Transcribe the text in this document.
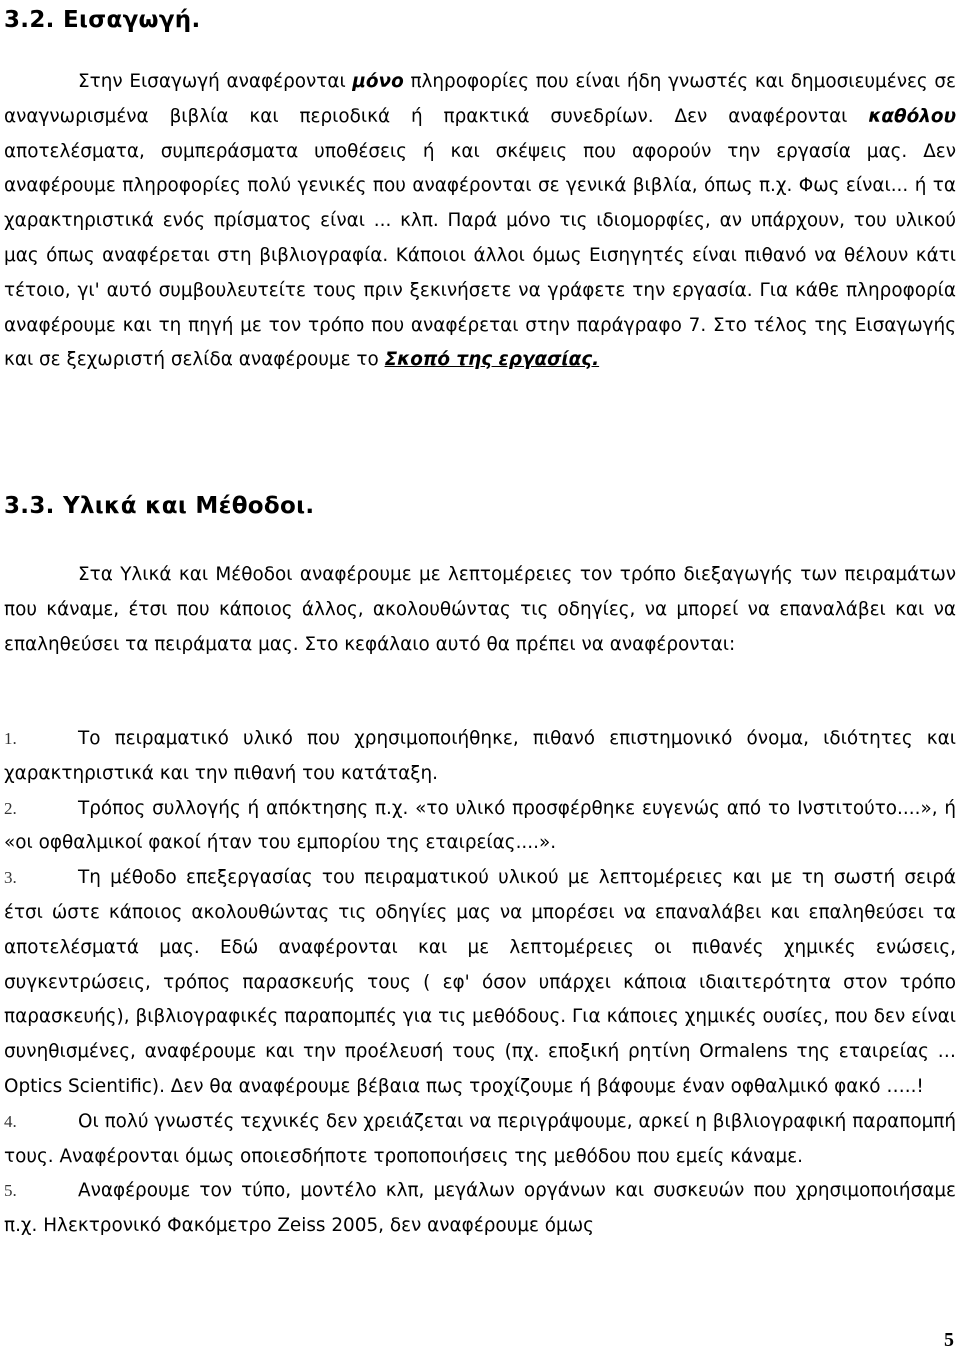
3.2. Εισαγωγή.

Στην Εισαγωγή αναφέρονται μόνο πληροφορίες που είναι ήδη γνωστές και δημοσιευμένες σε αναγνωρισμένα βιβλία και περιοδικά ή πρακτικά συνεδρίων. Δεν αναφέρονται καθόλου αποτελέσματα, συμπεράσματα υποθέσεις ή και σκέψεις που αφορούν την εργασία μας. Δεν αναφέρουμε πληροφορίες πολύ γενικές που αναφέρονται σε γενικά βιβλία, όπως π.χ. Φως είναι... ή τα χαρακτηριστικά ενός πρίσματος είναι ... κλπ. Παρά μόνο τις ιδιομορφίες, αν υπάρχουν, του υλικού μας όπως αναφέρεται στη βιβλιογραφία. Κάποιοι άλλοι όμως Εισηγητές είναι πιθανό να θέλουν κάτι τέτοιο, γι' αυτό συμβουλευτείτε τους πριν ξεκινήσετε να γράφετε την εργασία. Για κάθε πληροφορία αναφέρουμε και τη πηγή με τον τρόπο που αναφέρεται στην παράγραφο 7. Στο τέλος της Εισαγωγής και σε ξεχωριστή σελίδα αναφέρουμε το Σκοπό της εργασίας.

3.3. Υλικά και Μέθοδοι.

Στα Υλικά και Μέθοδοι αναφέρουμε με λεπτομέρειες τον τρόπο διεξαγωγής των πειραμάτων που κάναμε, έτσι που κάποιος άλλος, ακολουθώντας τις οδηγίες, να μπορεί να επαναλάβει και να επαληθεύσει τα πειράματα μας. Στο κεφάλαιο αυτό θα πρέπει να αναφέρονται:

1.	Το πειραματικό υλικό που χρησιμοποιήθηκε, πιθανό επιστημονικό όνομα, ιδιότητες και χαρακτηριστικά και την πιθανή του κατάταξη.
2.	Τρόπος συλλογής ή απόκτησης π.χ. «το υλικό προσφέρθηκε ευγενώς από το Ινστιτούτο....», ή «οι οφθαλμικοί φακοί ήταν του εμπορίου της εταιρείας....».
3.	Τη μέθοδο επεξεργασίας του πειραματικού υλικού με λεπτομέρειες και με τη σωστή σειρά έτσι ώστε κάποιος ακολουθώντας τις οδηγίες μας να μπορέσει να επαναλάβει και επαληθεύσει τα αποτελέσματά μας. Εδώ αναφέρονται και με λεπτομέρειες οι πιθανές χημικές ενώσεις, συγκεντρώσεις, τρόπος παρασκευής τους ( εφ' όσον υπάρχει κάποια ιδιαιτερότητα στον τρόπο παρασκευής), βιβλιογραφικές παραπομπές για τις μεθόδους. Για κάποιες χημικές ουσίες, που δεν είναι συνηθισμένες, αναφέρουμε και την προέλευσή τους (πχ. εποξική ρητίνη Ormalens της εταιρείας …Optics Scientific). Δεν θα αναφέρουμε βέβαια πως τροχίζουμε ή βάφουμε έναν οφθαλμικό φακό …..!
4.	Οι πολύ γνωστές τεχνικές δεν χρειάζεται να περιγράψουμε, αρκεί η βιβλιογραφική παραπομπή τους. Αναφέρονται όμως οποιεσδήποτε τροποποιήσεις της μεθόδου που εμείς κάναμε.
5.	Αναφέρουμε τον τύπο, μοντέλο κλπ, μεγάλων οργάνων και συσκευών που χρησιμοποιήσαμε π.χ. Ηλεκτρονικό Φακόμετρο Zeiss 2005, δεν αναφέρουμε όμως
5
